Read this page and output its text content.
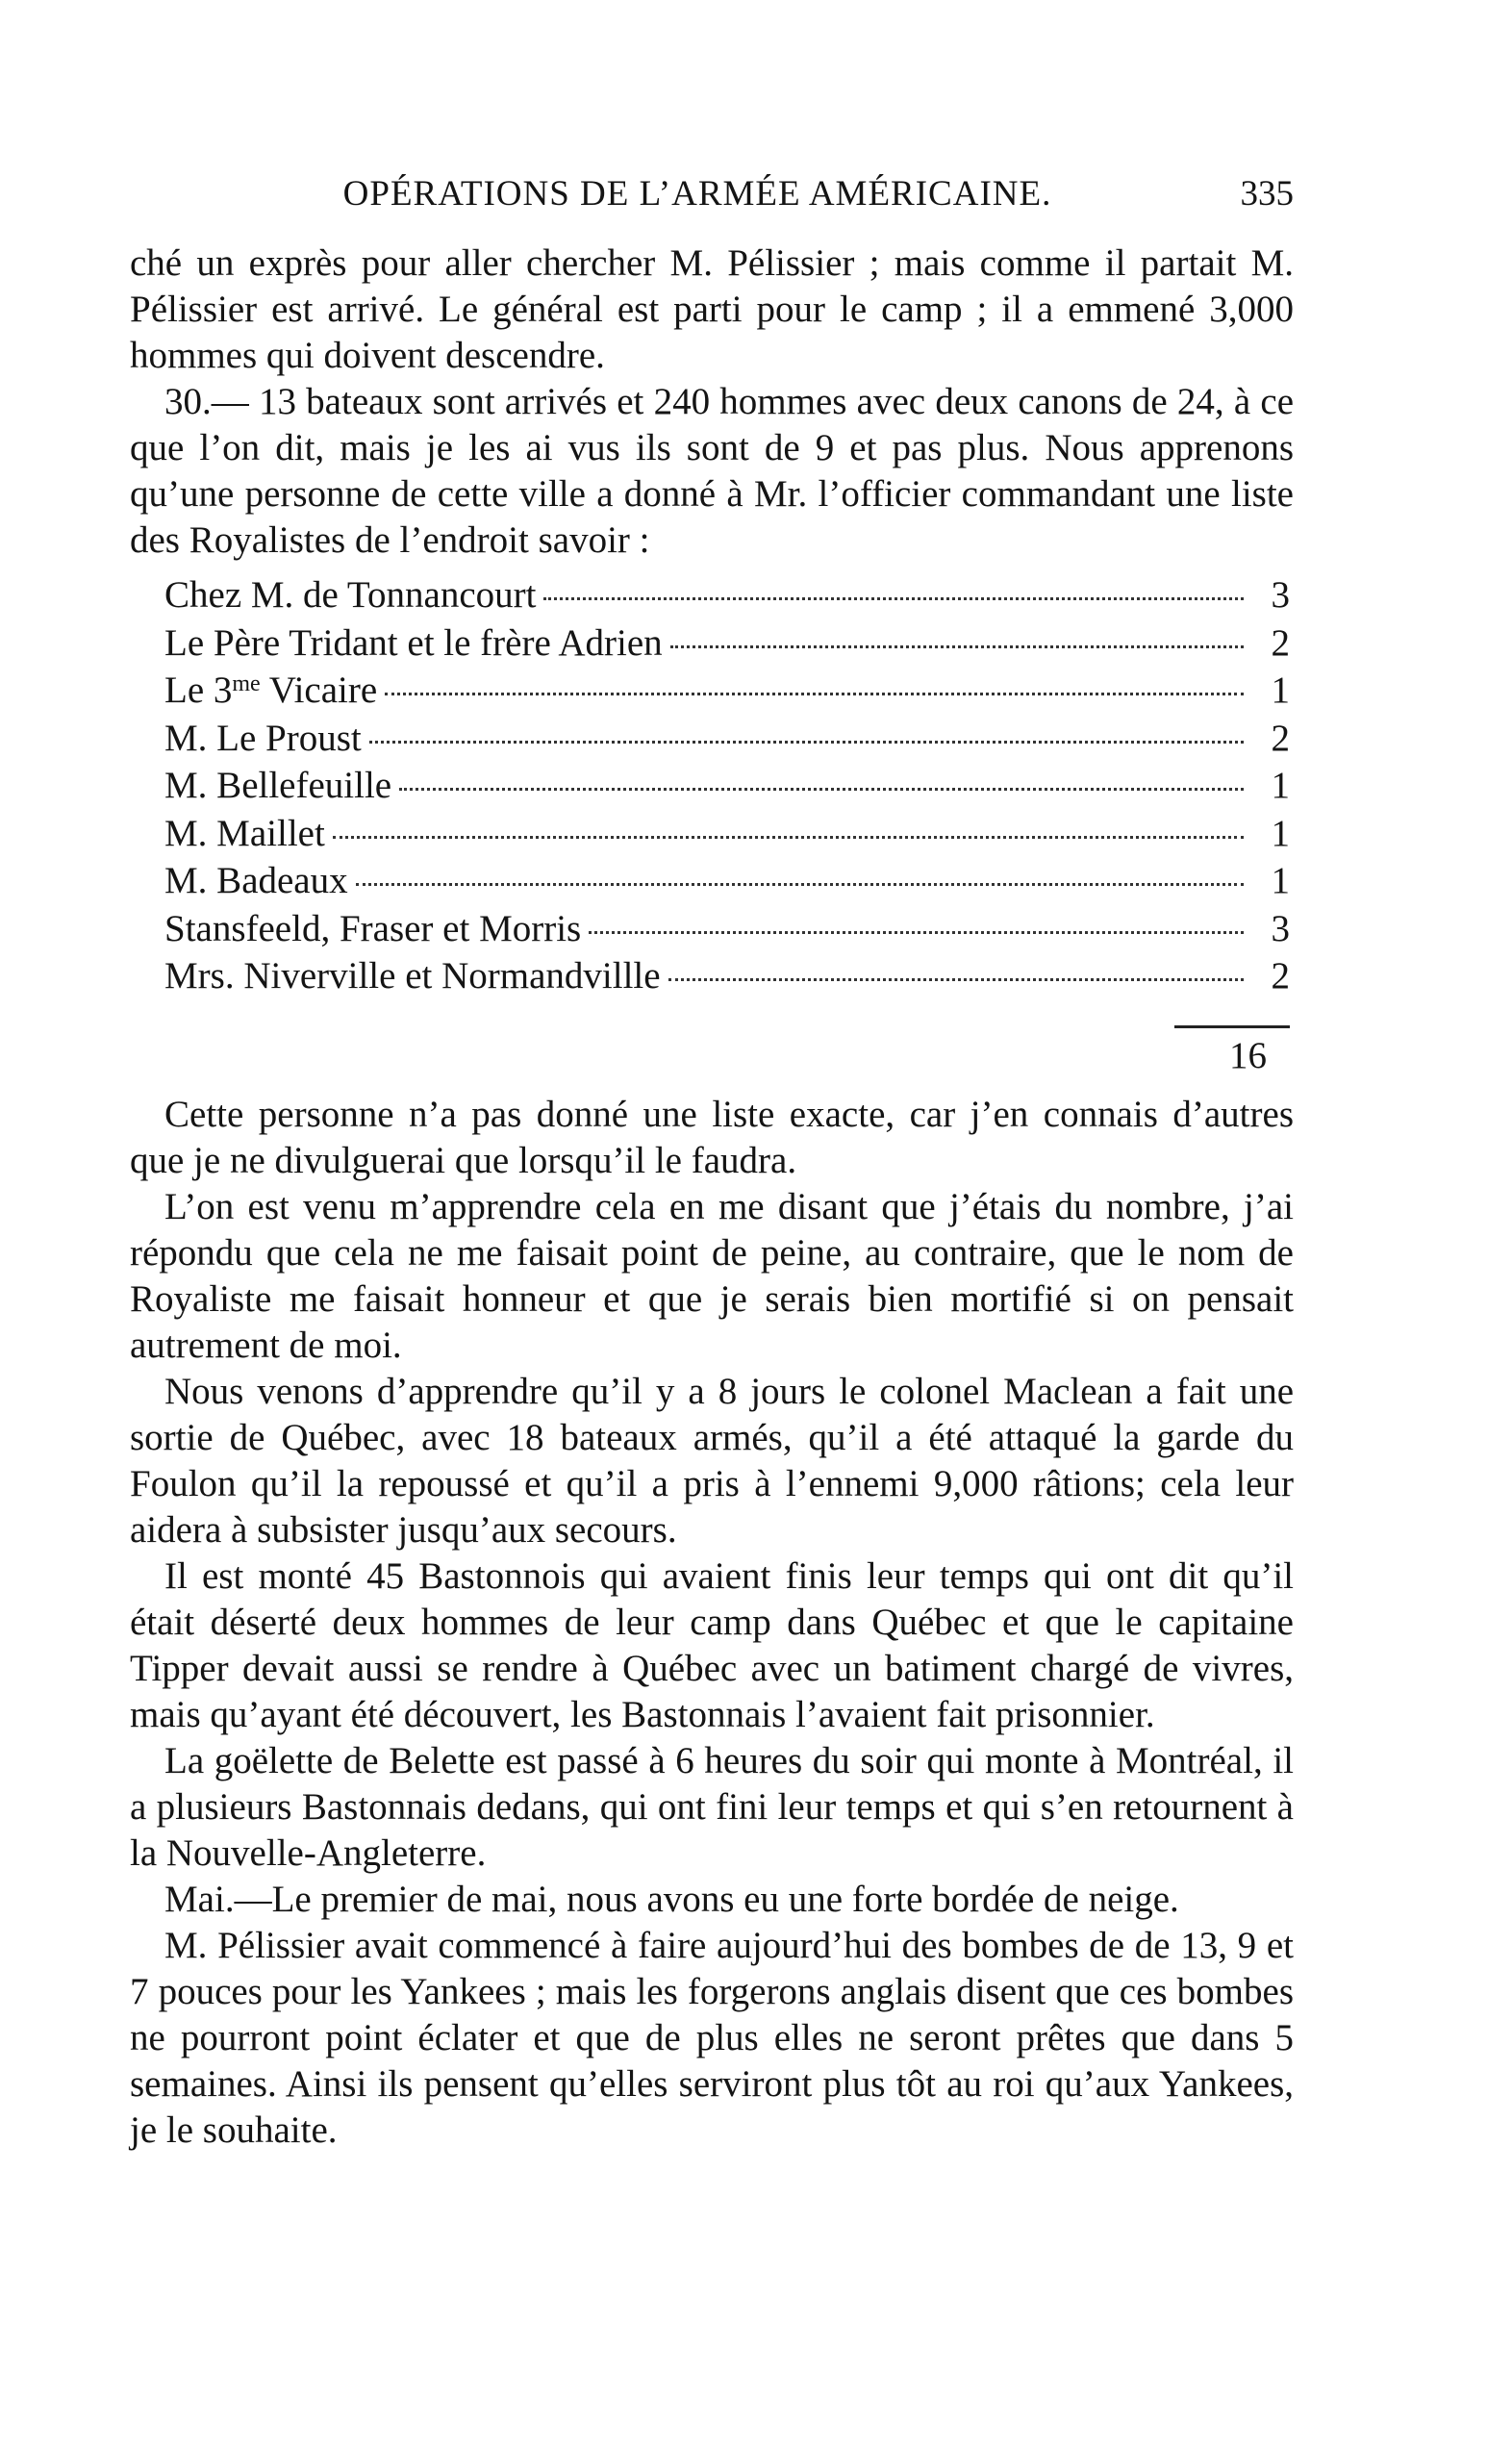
OPÉRATIONS DE L’ARMÉE AMÉRICAINE.	335

ché un exprès pour aller chercher M. Pélissier ; mais comme il partait M. Pélissier est arrivé. Le général est parti pour le camp ; il a emmené 3,000 hommes qui doivent descendre.

30.— 13 bateaux sont arrivés et 240 hommes avec deux canons de 24, à ce que l’on dit, mais je les ai vus ils sont de 9 et pas plus. Nous apprenons qu’une personne de cette ville a donné à Mr. l’officier commandant une liste des Royalistes de l’endroit savoir :

Chez M. de Tonnancourt	3
Le Père Tridant et le frère Adrien	2
Le $3^{me}$ Vicaire	1
M. Le Proust	2
M. Bellefeuille	1
M. Maillet	1
M. Badeaux	1
Stansfeeld, Fraser et Morris	3
Mrs. Niverville et Normandvillle	2
16

Cette personne n’a pas donné une liste exacte, car j’en connais d’autres que je ne divulguerai que lorsqu’il le faudra.

L’on est venu m’apprendre cela en me disant que j’étais du nombre, j’ai répondu que cela ne me faisait point de peine, au contraire, que le nom de Royaliste me faisait honneur et que je serais bien mortifié si on pensait autrement de moi.

Nous venons d’apprendre qu’il y a 8 jours le colonel Maclean a fait une sortie de Québec, avec 18 bateaux armés, qu’il a été attaqué la garde du Foulon qu’il la repoussé et qu’il a pris à l’ennemi 9,000 râtions; cela leur aidera à subsister jusqu’aux secours.

Il est monté 45 Bastonnois qui avaient finis leur temps qui ont dit qu’il était déserté deux hommes de leur camp dans Québec et que le capitaine Tipper devait aussi se rendre à Québec avec un batiment chargé de vivres, mais qu’ayant été découvert, les Bastonnais l’avaient fait prisonnier.

La goëlette de Belette est passé à 6 heures du soir qui monte à Montréal, il a plusieurs Bastonnais dedans, qui ont fini leur temps et qui s’en retournent à la Nouvelle-Angleterre.

Mai.—Le premier de mai, nous avons eu une forte bordée de neige.

M. Pélissier avait commencé à faire aujourd’hui des bombes de de 13, 9 et 7 pouces pour les Yankees ; mais les forgerons anglais disent que ces bombes ne pourront point éclater et que de plus elles ne seront prêtes que dans 5 semaines. Ainsi ils pensent qu’elles serviront plus tôt au roi qu’aux Yankees, je le souhaite.
